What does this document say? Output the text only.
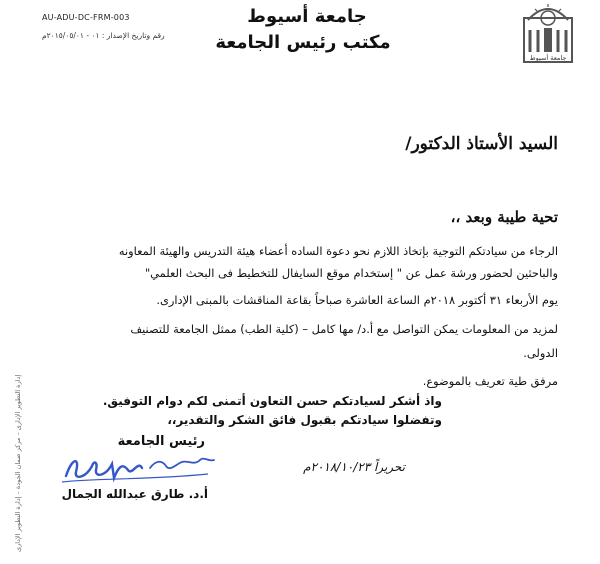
AU-ADU-DC-FRM-003
رقم وتاريخ الإصدار : ٠١ - ٢٠١٥/٠٥/٠١م
جامعة أسيوط
مكتب رئيس الجامعة
جامعة أسيوط
السيد الأستاذ الدكتور/
تحية طيبة وبعد ،،
الرجاء من سيادتكم التوجية بإتخاذ اللازم نحو دعوة الساده أعضاء هيئة التدريس والهيئة المعاونه
والباحثين لحضور ورشة عمل عن " إستخدام موقع السايفال للتخطيط فى البحث العلمي"
يوم الأربعاء ٣١ أكتوبر ٢٠١٨م الساعة العاشرة صباحاً بقاعة المناقشات بالمبنى الإدارى.
لمزيد من المعلومات يمكن التواصل مع أ.د/ مها كامل – (كلية الطب) ممثل الجامعة للتصنيف
الدولى.
مرفق طية تعريف بالموضوع.
واذ أشكر لسيادتكم حسن التعاون أتمنى لكم دوام التوفيق.
وتفضلوا سيادتكم بقبول فائق الشكر والتقدير،،
رئيس الجامعة
تحريراً ٢٠١٨/١٠/٢٣م
أ.د. طارق عبدالله الجمال
إدارة التطوير الإدارى – مركز ضمان الجودة – إدارة التطوير الإدارى
